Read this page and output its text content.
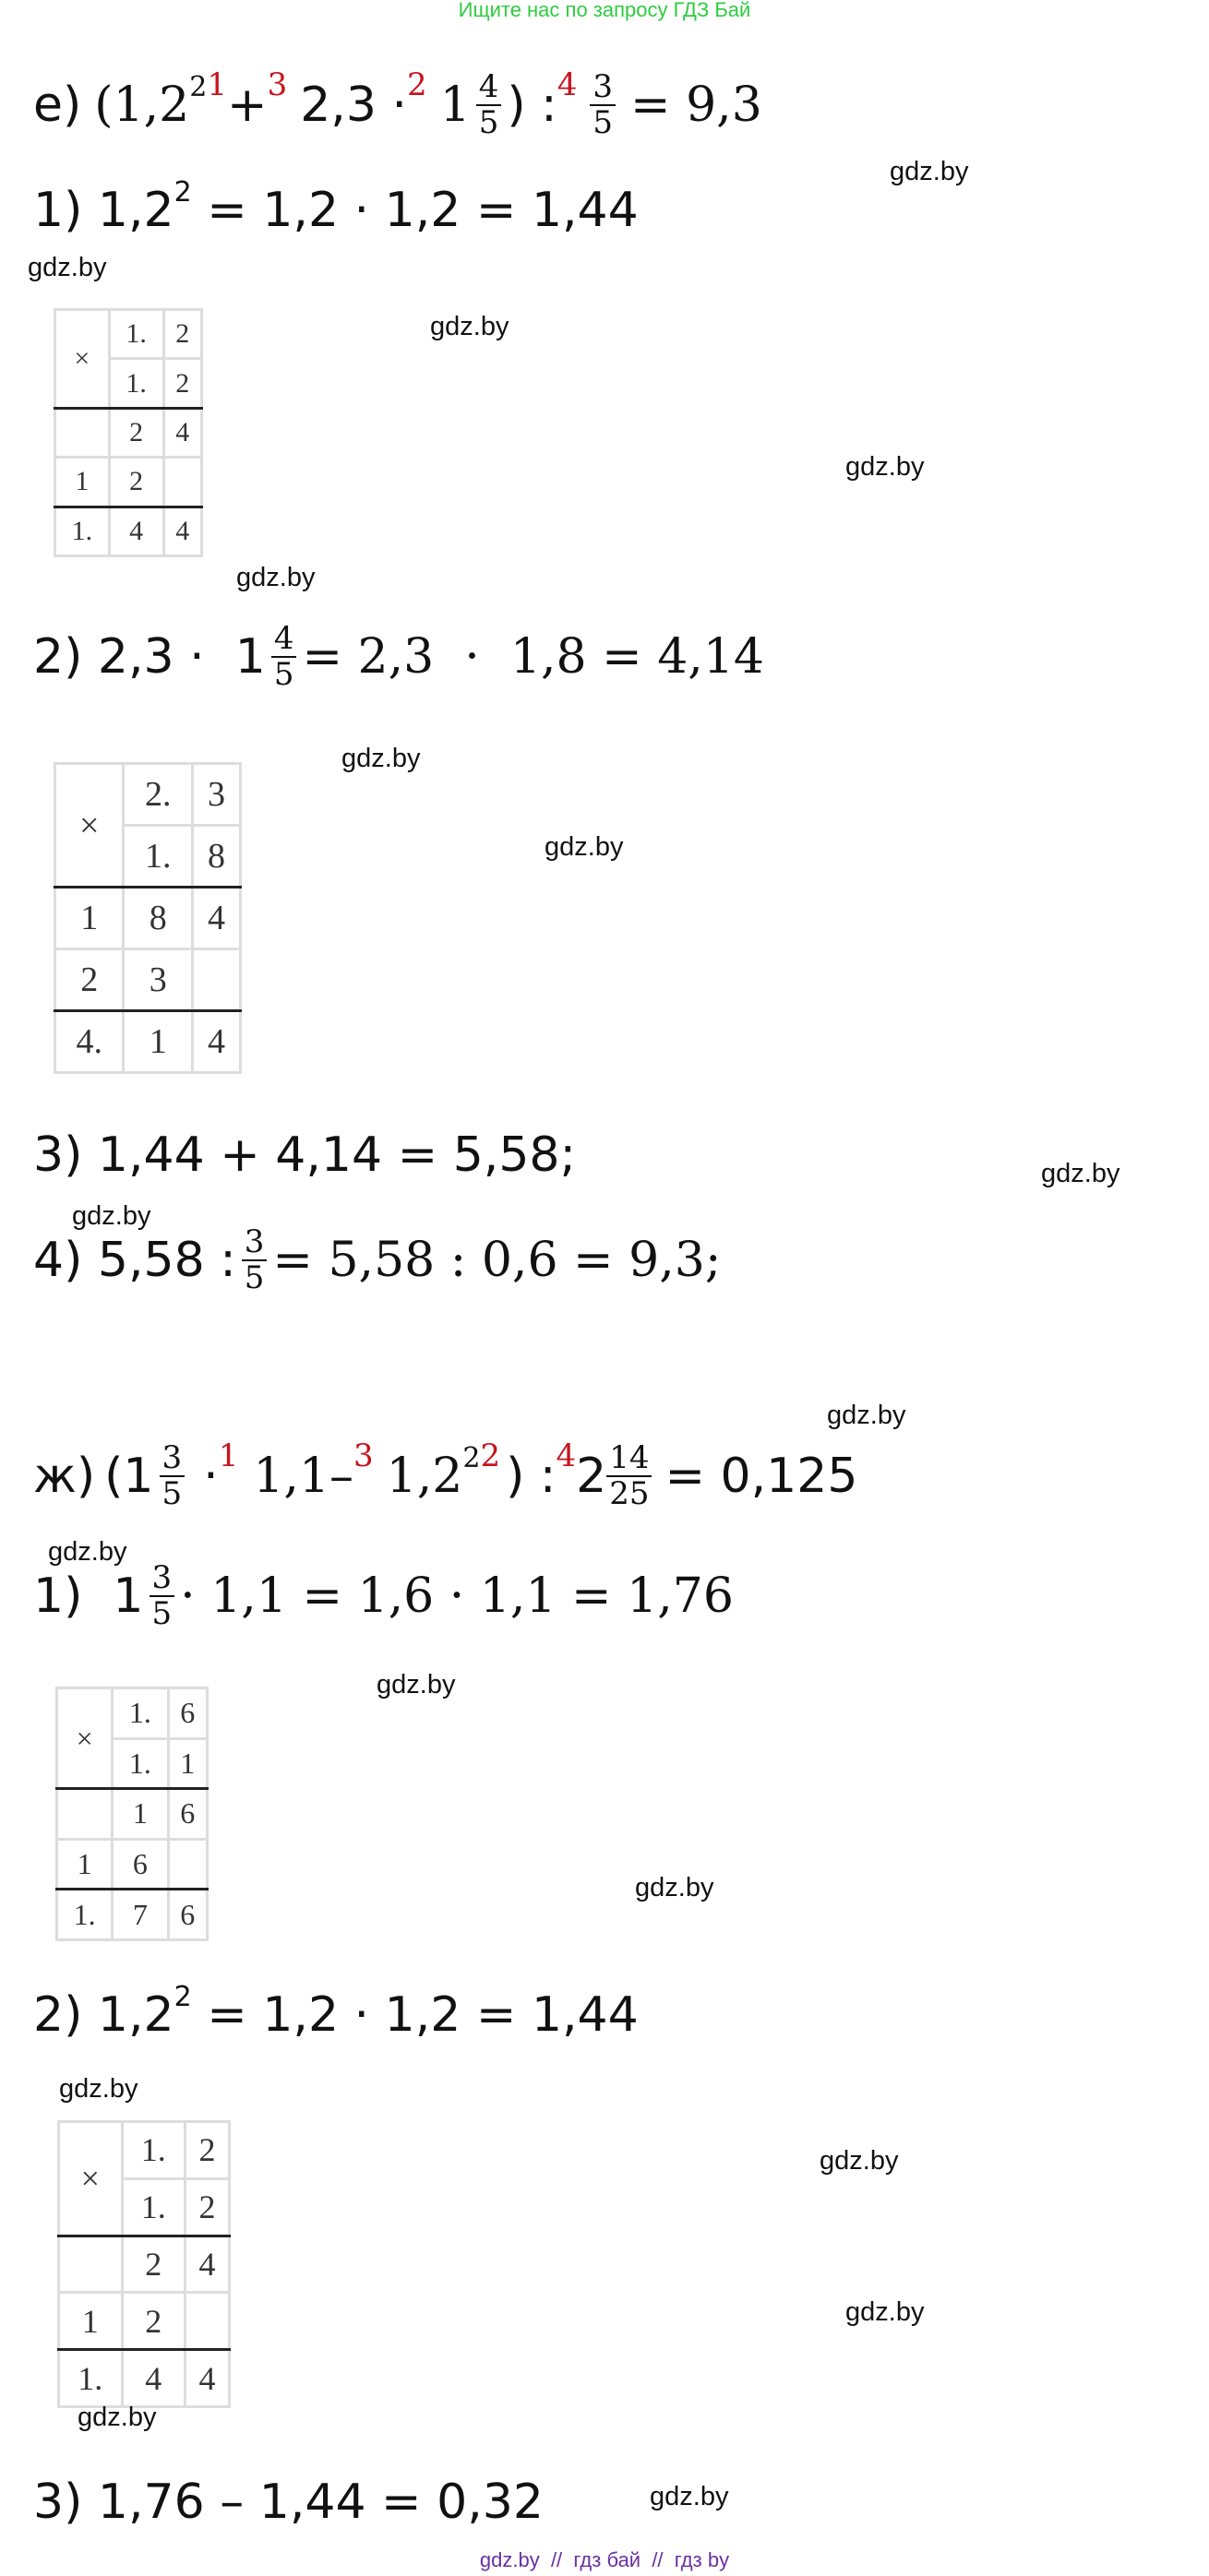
Ищите нас по запросу ГДЗ Бай
е) ($1,2^2$ 1 + 3 2,3 · 2 $1 \frac{4}{5}$ ) : $4 \frac{3}{5} = 9,3$
1) $1,2^2 = 1,2 \cdot 1,2 = 1,44$
×	1.	2
	1.	2
	2	4
1	2	
1.	4	4
2) $2,3 \cdot 1 \frac{4}{5} = 2,3 \cdot 1,8 = 4,14$
×	2.	3
	1.	8
1	8	4
2	3	
4.	1	4
3) 1,44 + 4,14 = 5,58;
4) 5,58 : $\frac{3}{5} = 5,58$ : 0,6 = 9,3;
ж) ($1 \frac{3}{5} \cdot 1$ 1,1– 3 $1,2^2$ 2 ) : 4 $2 \frac{14}{25} = 0,125$
1)  $1 \frac{3}{5} \cdot 1,1 = 1,6 \cdot 1,1 = 1,76$
×	1.	6
	1.	1
	1	6
1	6	
1.	7	6
2) $1,2^2 = 1,2 \cdot 1,2 = 1,44$
×	1.	2
	1.	2
	2	4
1	2	
1.	4	4
3) 1,76 – 1,44 = 0,32
gdz.by
gdz.by
gdz.by
gdz.by
gdz.by
gdz.by
gdz.by
gdz.by
gdz.by
gdz.by
gdz.by
gdz.by
gdz.by
gdz.by
gdz.by
gdz.by
gdz.by
gdz.by
gdz.by  //  гдз бай  //  гдз by
